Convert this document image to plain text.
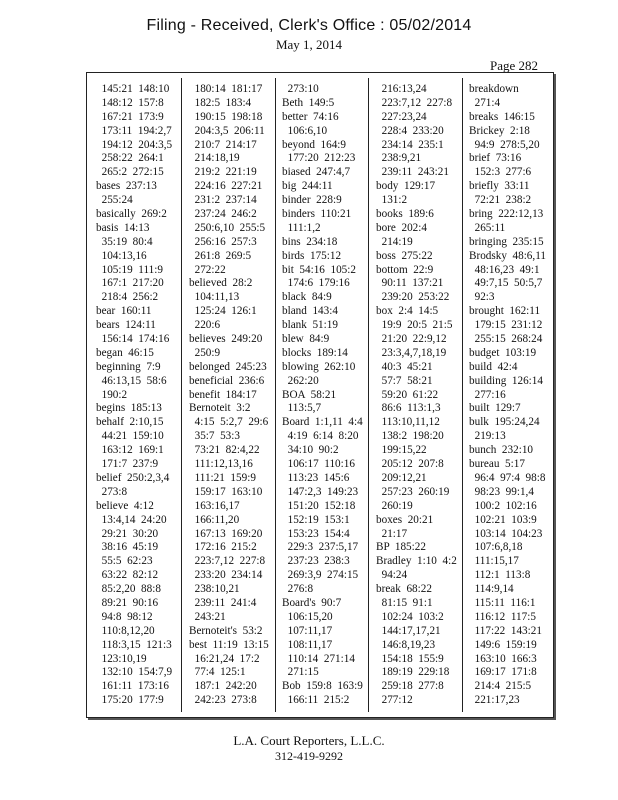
Filing - Received, Clerk's Office : 05/02/2014
May 1, 2014
Page 282
145:21  148:10
148:12  157:8
167:21  173:9
173:11  194:2,7
194:12  204:3,5
258:22  264:1
265:2  272:15
bases  237:13
255:24
basically  269:2
basis  14:13
35:19  80:4
104:13,16
105:19  111:9
167:1  217:20
218:4  256:2
bear  160:11
bears  124:11
156:14  174:16
began  46:15
beginning  7:9
46:13,15  58:6
190:2
begins  185:13
behalf  2:10,15
44:21  159:10
163:12  169:1
171:7  237:9
belief  250:2,3,4
273:8
believe  4:12
13:4,14  24:20
29:21  30:20
38:16  45:19
55:5  62:23
63:22  82:12
85:2,20  88:8
89:21  90:16
94:8  98:12
110:8,12,20
118:3,15  121:3
123:10,19
132:10  154:7,9
161:11  173:16
175:20  177:9
180:14  181:17
182:5  183:4
190:15  198:18
204:3,5  206:11
210:7  214:17
214:18,19
219:2  221:19
224:16  227:21
231:2  237:14
237:24  246:2
250:6,10  255:5
256:16  257:3
261:8  269:5
272:22
believed  28:2
104:11,13
125:24  126:1
220:6
believes  249:20
250:9
belonged  245:23
beneficial  236:6
benefit  184:17
Bernoteit  3:2
4:15  5:2,7  29:6
35:7  53:3
73:21  82:4,22
111:12,13,16
111:21  159:9
159:17  163:10
163:16,17
166:11,20
167:13  169:20
172:16  215:2
223:7,12  227:8
233:20  234:14
238:10,21
239:11  241:4
243:21
Bernoteit's  53:2
best  11:19  13:15
16:21,24  17:2
77:4  125:1
187:1  242:20
242:23  273:8
273:10
Beth  149:5
better  74:16
106:6,10
beyond  164:9
177:20  212:23
biased  247:4,7
big  244:11
binder  228:9
binders  110:21
111:1,2
bins  234:18
birds  175:12
bit  54:16  105:2
174:6  179:16
black  84:9
bland  143:4
blank  51:19
blew  84:9
blocks  189:14
blowing  262:10
262:20
BOA  58:21
113:5,7
Board  1:1,11  4:4
4:19  6:14  8:20
34:10  90:2
106:17  110:16
113:23  145:6
147:2,3  149:23
151:20  152:18
152:19  153:1
153:23  154:4
229:3  237:5,17
237:23  238:3
269:3,9  274:15
276:8
Board's  90:7
106:15,20
107:11,17
108:11,17
110:14  271:14
271:15
Bob  159:8  163:9
166:11  215:2
216:13,24
223:7,12  227:8
227:23,24
228:4  233:20
234:14  235:1
238:9,21
239:11  243:21
body  129:17
131:2
books  189:6
bore  202:4
214:19
boss  275:22
bottom  22:9
90:11  137:21
239:20  253:22
box  2:4  14:5
19:9  20:5  21:5
21:20  22:9,12
23:3,4,7,18,19
40:3  45:21
57:7  58:21
59:20  61:22
86:6  113:1,3
113:10,11,12
138:2  198:20
199:15,22
205:12  207:8
209:12,21
257:23  260:19
260:19
boxes  20:21
21:17
BP  185:22
Bradley  1:10  4:2
94:24
break  68:22
81:15  91:1
102:24  103:2
144:17,17,21
146:8,19,23
154:18  155:9
189:19  229:18
259:18  277:8
277:12
breakdown
271:4
breaks  146:15
Brickey  2:18
94:9  278:5,20
brief  73:16
152:3  277:6
briefly  33:11
72:21  238:2
bring  222:12,13
265:11
bringing  235:15
Brodsky  48:6,11
48:16,23  49:1
49:7,15  50:5,7
92:3
brought  162:11
179:15  231:12
255:15  268:24
budget  103:19
build  42:4
building  126:14
277:16
built  129:7
bulk  195:24,24
219:13
bunch  232:10
bureau  5:17
96:4  97:4  98:8
98:23  99:1,4
100:2  102:16
102:21  103:9
103:14  104:23
107:6,8,18
111:15,17
112:1  113:8
114:9,14
115:11  116:1
116:12  117:5
117:22  143:21
149:6  159:19
163:10  166:3
169:17  171:8
214:4  215:5
221:17,23
L.A. Court Reporters, L.L.C.
312-419-9292
